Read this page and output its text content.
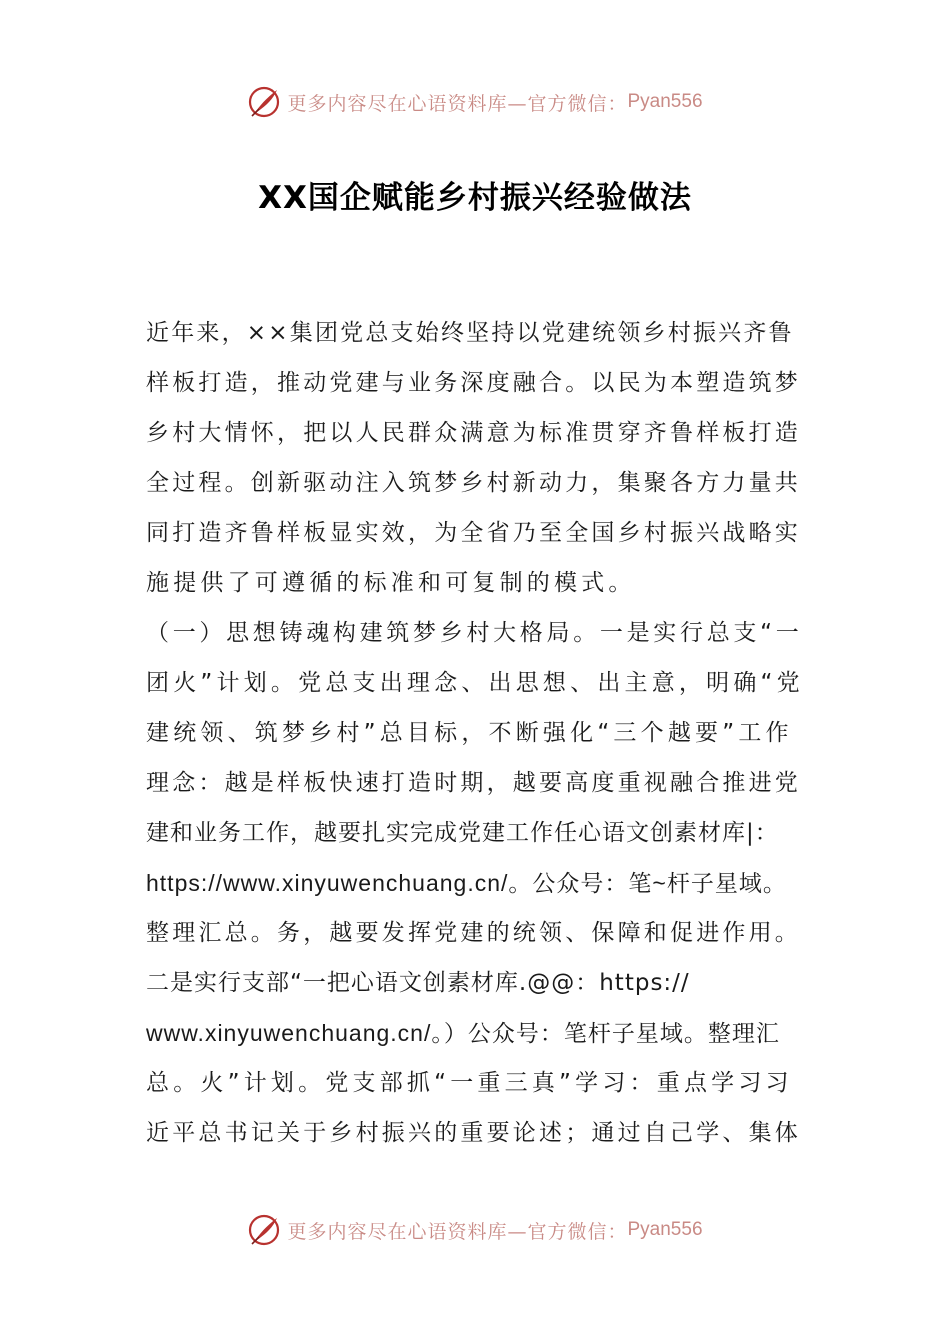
更多内容尽在心语资料库—官方微信： Pyan556
XX国企赋能乡村振兴经验做法
近年来，××集团党总支始终坚持以党建统领乡村振兴齐鲁
样板打造，推动党建与业务深度融合。以民为本塑造筑梦
乡村大情怀，把以人民群众满意为标准贯穿齐鲁样板打造
全过程。创新驱动注入筑梦乡村新动力，集聚各方力量共
同打造齐鲁样板显实效，为全省乃至全国乡村振兴战略实
施提供了可遵循的标准和可复制的模式。
（一）思想铸魂构建筑梦乡村大格局。一是实行总支“一
团火”计划。党总支出理念、出思想、出主意，明确“党
建统领、筑梦乡村”总目标，不断强化“三个越要”工作
理念：越是样板快速打造时期，越要高度重视融合推进党
建和业务工作，越要扎实完成党建工作任心语文创素材库|：
https://www.xinyuwenchuang.cn/。公众号：笔~杆子星域。
整理汇总。务，越要发挥党建的统领、保障和促进作用。
二是实行支部“一把心语文创素材库.@@：https://
www.xinyuwenchuang.cn/。）公众号：笔杆子星域。整理汇
总。火”计划。党支部抓“一重三真”学习：重点学习习
近平总书记关于乡村振兴的重要论述；通过自己学、集体
更多内容尽在心语资料库—官方微信： Pyan556
